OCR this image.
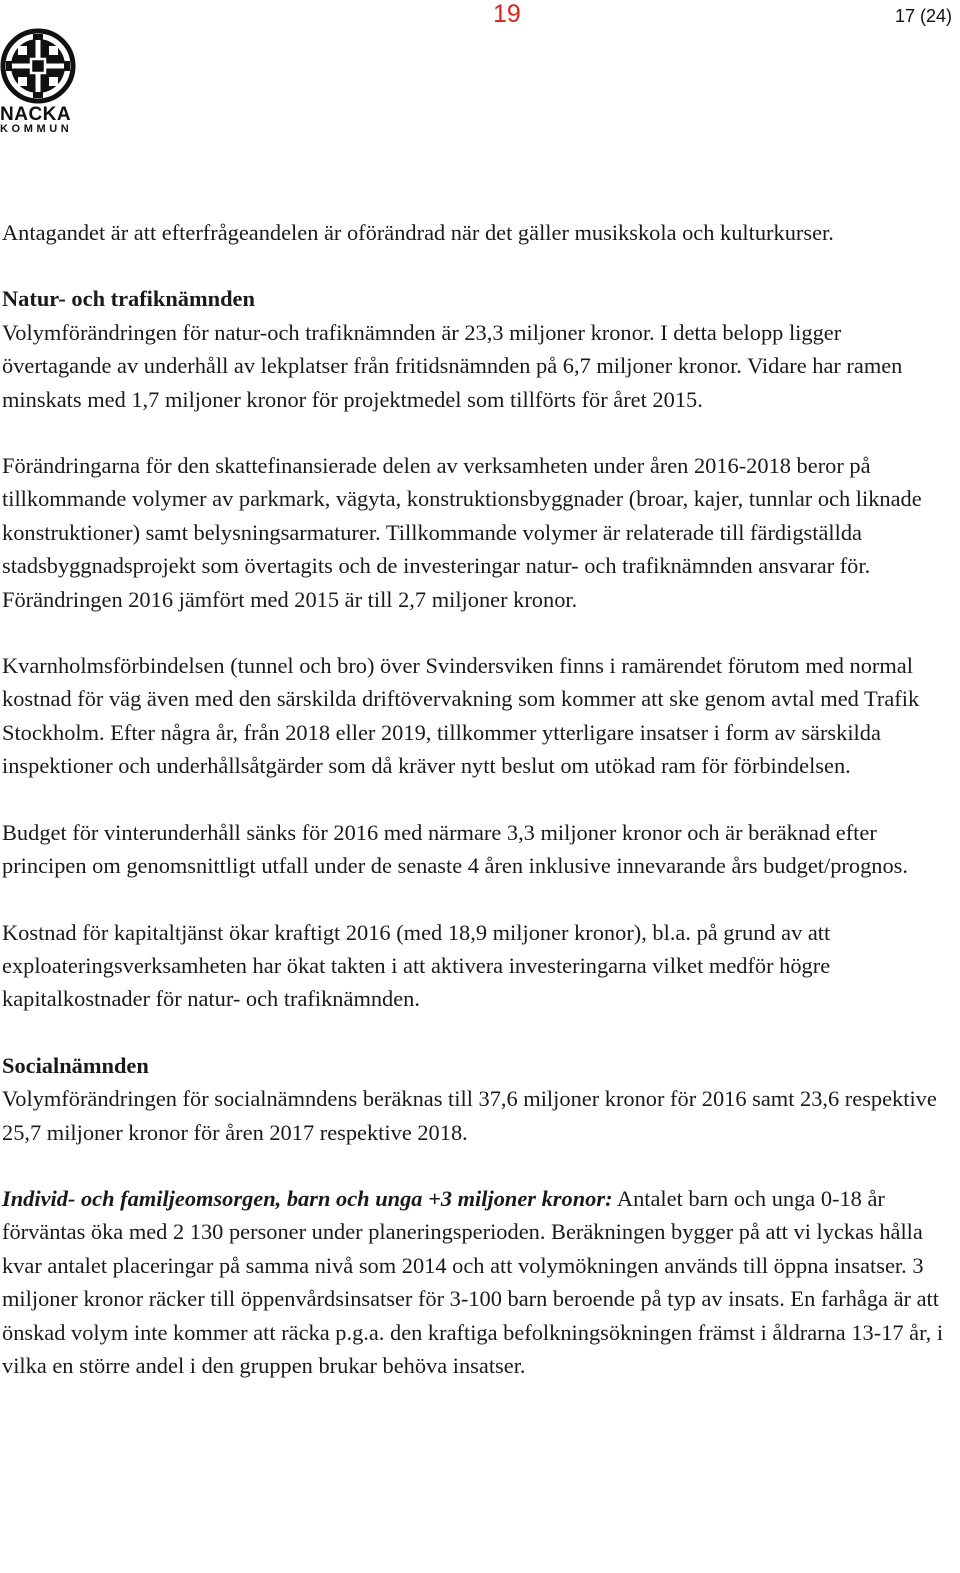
19	17 (24)
NACKA
KOMMUN

Antagandet är att efterfrågeandelen är oförändrad när det gäller musikskola och kulturkurser.

Natur- och trafiknämnden

Volymförändringen för natur-och trafiknämnden är 23,3 miljoner kronor. I detta belopp ligger övertagande av underhåll av lekplatser från fritidsnämnden på 6,7 miljoner kronor. Vidare har ramen minskats med 1,7 miljoner kronor för projektmedel som tillförts för året 2015.

Förändringarna för den skattefinansierade delen av verksamheten under åren 2016-2018 beror på tillkommande volymer av parkmark, vägyta, konstruktionsbyggnader (broar, kajer, tunnlar och liknade konstruktioner) samt belysningsarmaturer. Tillkommande volymer är relaterade till färdigställda stadsbyggnadsprojekt som övertagits och de investeringar natur- och trafiknämnden ansvarar för. Förändringen 2016 jämfört med 2015 är till 2,7 miljoner kronor.

Kvarnholmsförbindelsen (tunnel och bro) över Svindersviken finns i ramärendet förutom med normal kostnad för väg även med den särskilda driftövervakning som kommer att ske genom avtal med Trafik Stockholm. Efter några år, från 2018 eller 2019, tillkommer ytterligare insatser i form av särskilda inspektioner och underhållsåtgärder som då kräver nytt beslut om utökad ram för förbindelsen.

Budget för vinterunderhåll sänks för 2016 med närmare 3,3 miljoner kronor och är beräknad efter principen om genomsnittligt utfall under de senaste 4 åren inklusive innevarande års budget/prognos.

Kostnad för kapitaltjänst ökar kraftigt 2016 (med 18,9 miljoner kronor), bl.a. på grund av att exploateringsverksamheten har ökat takten i att aktivera investeringarna vilket medför högre kapitalkostnader för natur- och trafiknämnden.

Socialnämnden

Volymförändringen för socialnämndens beräknas till 37,6 miljoner kronor för 2016 samt 23,6 respektive 25,7 miljoner kronor för åren 2017 respektive 2018.

Individ- och familjeomsorgen, barn och unga +3 miljoner kronor: Antalet barn och unga 0-18 år förväntas öka med 2 130 personer under planeringsperioden. Beräkningen bygger på att vi lyckas hålla kvar antalet placeringar på samma nivå som 2014 och att volymökningen används till öppna insatser. 3 miljoner kronor räcker till öppenvårdsinsatser för 3-100 barn beroende på typ av insats. En farhåga är att önskad volym inte kommer att räcka p.g.a. den kraftiga befolkningsökningen främst i åldrarna 13-17 år, i vilka en större andel i den gruppen brukar behöva insatser.
